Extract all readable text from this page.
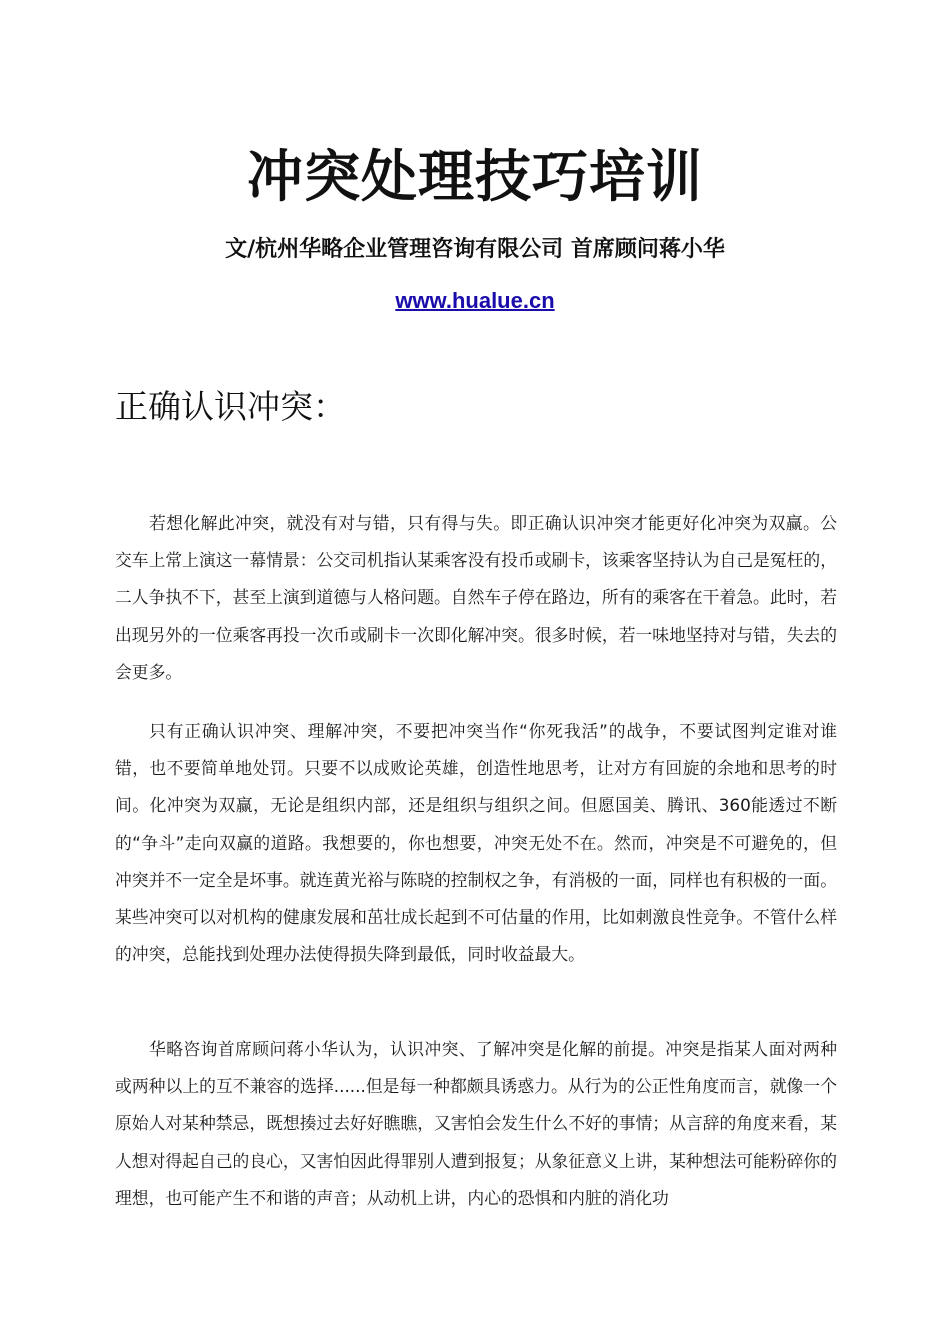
冲突处理技巧培训
文/杭州华略企业管理咨询有限公司 首席顾问蒋小华
www.hualue.cn
正确认识冲突：

若想化解此冲突，就没有对与错，只有得与失。即正确认识冲突才能更好化冲突为双赢。公交车上常上演这一幕情景：公交司机指认某乘客没有投币或刷卡，该乘客坚持认为自己是冤枉的，二人争执不下，甚至上演到道德与人格问题。自然车子停在路边，所有的乘客在干着急。此时，若出现另外的一位乘客再投一次币或刷卡一次即化解冲突。很多时候，若一味地坚持对与错，失去的会更多。

只有正确认识冲突、理解冲突，不要把冲突当作“你死我活”的战争，不要试图判定谁对谁错，也不要简单地处罚。只要不以成败论英雄，创造性地思考，让对方有回旋的余地和思考的时间。化冲突为双赢，无论是组织内部，还是组织与组织之间。但愿国美、腾讯、360能透过不断的“争斗”走向双赢的道路。我想要的，你也想要，冲突无处不在。然而，冲突是不可避免的，但冲突并不一定全是坏事。就连黄光裕与陈晓的控制权之争，有消极的一面，同样也有积极的一面。某些冲突可以对机构的健康发展和茁壮成长起到不可估量的作用，比如刺激良性竞争。不管什么样的冲突，总能找到处理办法使得损失降到最低，同时收益最大。

华略咨询首席顾问蒋小华认为，认识冲突、了解冲突是化解的前提。冲突是指某人面对两种或两种以上的互不兼容的选择......但是每一种都颇具诱惑力。从行为的公正性角度而言，就像一个原始人对某种禁忌，既想揍过去好好瞧瞧，又害怕会发生什么不好的事情；从言辞的角度来看，某人想对得起自己的良心，又害怕因此得罪别人遭到报复；从象征意义上讲，某种想法可能粉碎你的理想，也可能产生不和谐的声音；从动机上讲，内心的恐惧和内脏的消化功
